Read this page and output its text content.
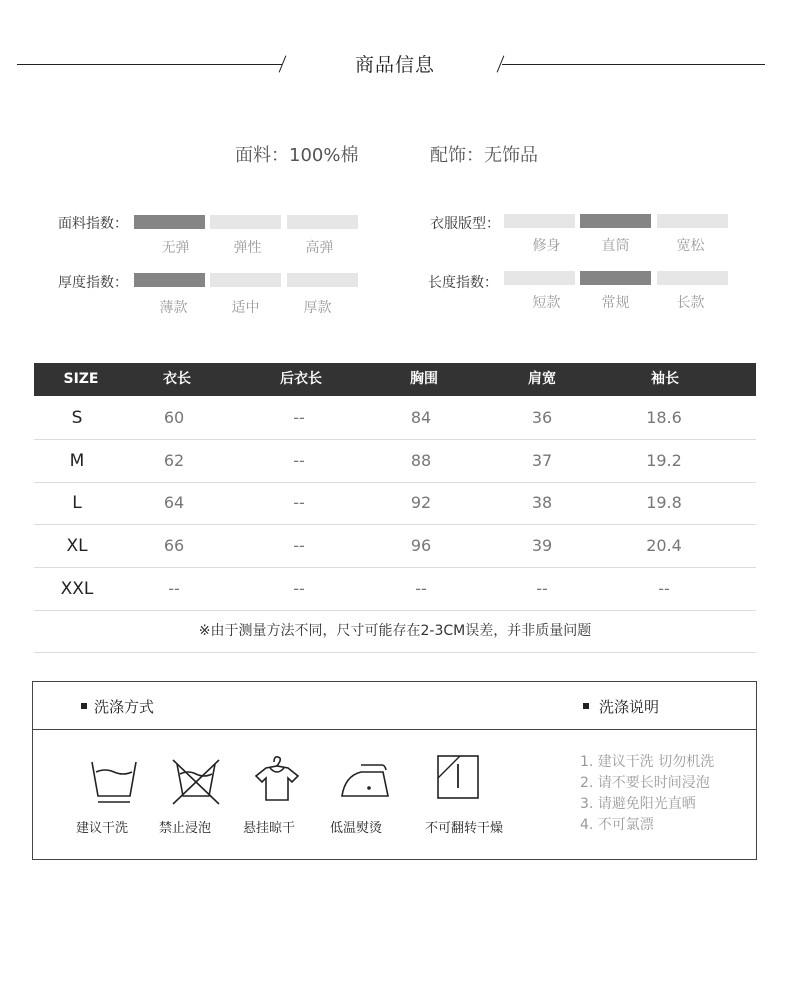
商品信息
面料：100%棉	配饰：无饰品
面料指数：
无弹	弹性	高弹
厚度指数：
薄款	适中	厚款
衣服版型：
修身	直筒	宽松
长度指数：
短款	常规	长款
SIZE	衣长	后衣长	胸围	肩宽	袖长
S	60	--	84	36	18.6
M	62	--	88	37	19.2
L	64	--	92	38	19.8
XL	66	--	96	39	20.4
XXL	--	--	--	--	--
※由于测量方法不同，尺寸可能存在2-3CM误差，并非质量问题
洗涤方式	洗涤说明
建议干洗	禁止浸泡	悬挂晾干	低温熨烫	不可翻转干燥
1. 建议干洗 切勿机洗
2. 请不要长时间浸泡
3. 请避免阳光直晒
4. 不可氯漂
